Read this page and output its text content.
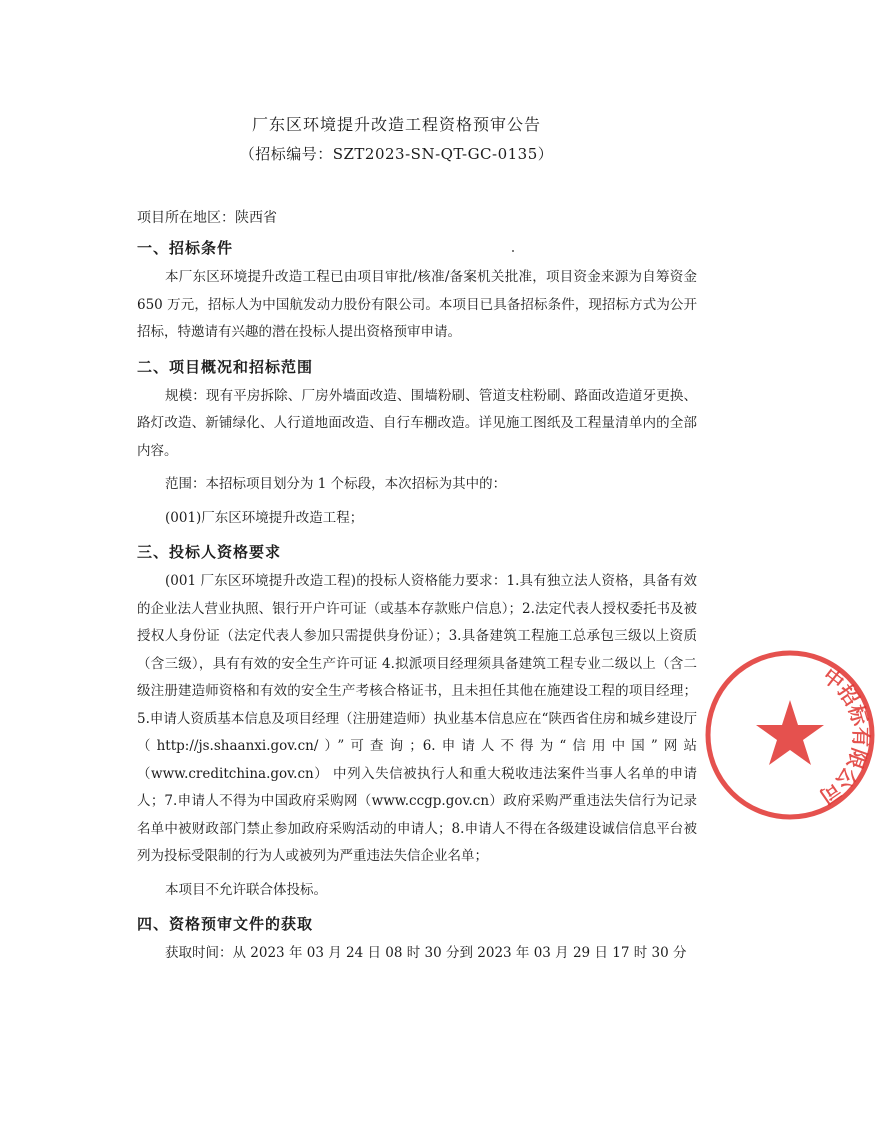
厂东区环境提升改造工程资格预审公告
（招标编号：SZT2023-SN-QT-GC-0135）

项目所在地区：陕西省

一、招标条件

本厂东区环境提升改造工程已由项目审批/核准/备案机关批准，项目资金来源为自筹资金 650 万元，招标人为中国航发动力股份有限公司。本项目已具备招标条件，现招标方式为公开招标，特邀请有兴趣的潜在投标人提出资格预审申请。

二、项目概况和招标范围

规模：现有平房拆除、厂房外墙面改造、围墙粉刷、管道支柱粉刷、路面改造道牙更换、路灯改造、新铺绿化、人行道地面改造、自行车棚改造。详见施工图纸及工程量清单内的全部内容。

范围：本招标项目划分为 1 个标段，本次招标为其中的：

(001)厂东区环境提升改造工程；

三、投标人资格要求

(001 厂东区环境提升改造工程)的投标人资格能力要求：1.具有独立法人资格，具备有效的企业法人营业执照、银行开户许可证（或基本存款账户信息）；2.法定代表人授权委托书及被授权人身份证（法定代表人参加只需提供身份证）；3.具备建筑工程施工总承包三级以上资质（含三级），具有有效的安全生产许可证 4.拟派项目经理须具备建筑工程专业二级以上（含二级注册建造师资格和有效的安全生产考核合格证书，且未担任其他在施建设工程的项目经理；5.申请人资质基本信息及项目经理（注册建造师）执业基本信息应在“陕西省住房和城乡建设厅（http://js.shaanxi.gov.cn/）”可查询；6.申请人不得为“信用中国”网站（www.creditchina.gov.cn） 中列入失信被执行人和重大税收违法案件当事人名单的申请人；7.申请人不得为中国政府采购网（www.ccgp.gov.cn）政府采购严重违法失信行为记录名单中被财政部门禁止参加政府采购活动的申请人；8.申请人不得在各级建设诚信信息平台被列为投标受限制的行为人或被列为严重违法失信企业名单；

本项目不允许联合体投标。

四、资格预审文件的获取

获取时间：从 2023 年 03 月 24 日 08 时 30 分到 2023 年 03 月 29 日 17 时 30 分

中招标有限公司
